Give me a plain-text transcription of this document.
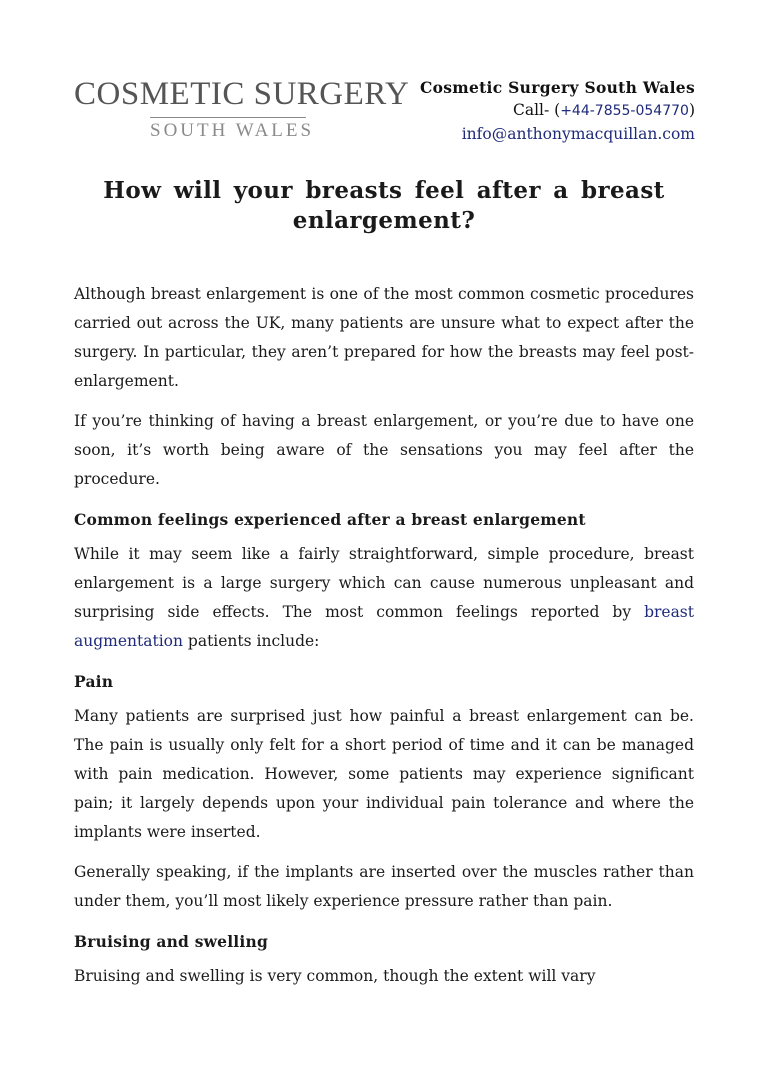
COSMETIC SURGERY
SOUTH WALES
Cosmetic Surgery South Wales
Call- (+44-7855-054770)
info@anthonymacquillan.com
How will your breasts feel after a breast enlargement?

Although breast enlargement is one of the most common cosmetic procedures carried out across the UK, many patients are unsure what to expect after the surgery. In particular, they aren’t prepared for how the breasts may feel post-enlargement.

If you’re thinking of having a breast enlargement, or you’re due to have one soon, it’s worth being aware of the sensations you may feel after the procedure.

Common feelings experienced after a breast enlargement

While it may seem like a fairly straightforward, simple procedure, breast enlargement is a large surgery which can cause numerous unpleasant and surprising side effects. The most common feelings reported by breast augmentation patients include:

Pain

Many patients are surprised just how painful a breast enlargement can be. The pain is usually only felt for a short period of time and it can be managed with pain medication. However, some patients may experience significant pain; it largely depends upon your individual pain tolerance and where the implants were inserted.

Generally speaking, if the implants are inserted over the muscles rather than under them, you’ll most likely experience pressure rather than pain.

Bruising and swelling

Bruising and swelling is very common, though the extent will vary
